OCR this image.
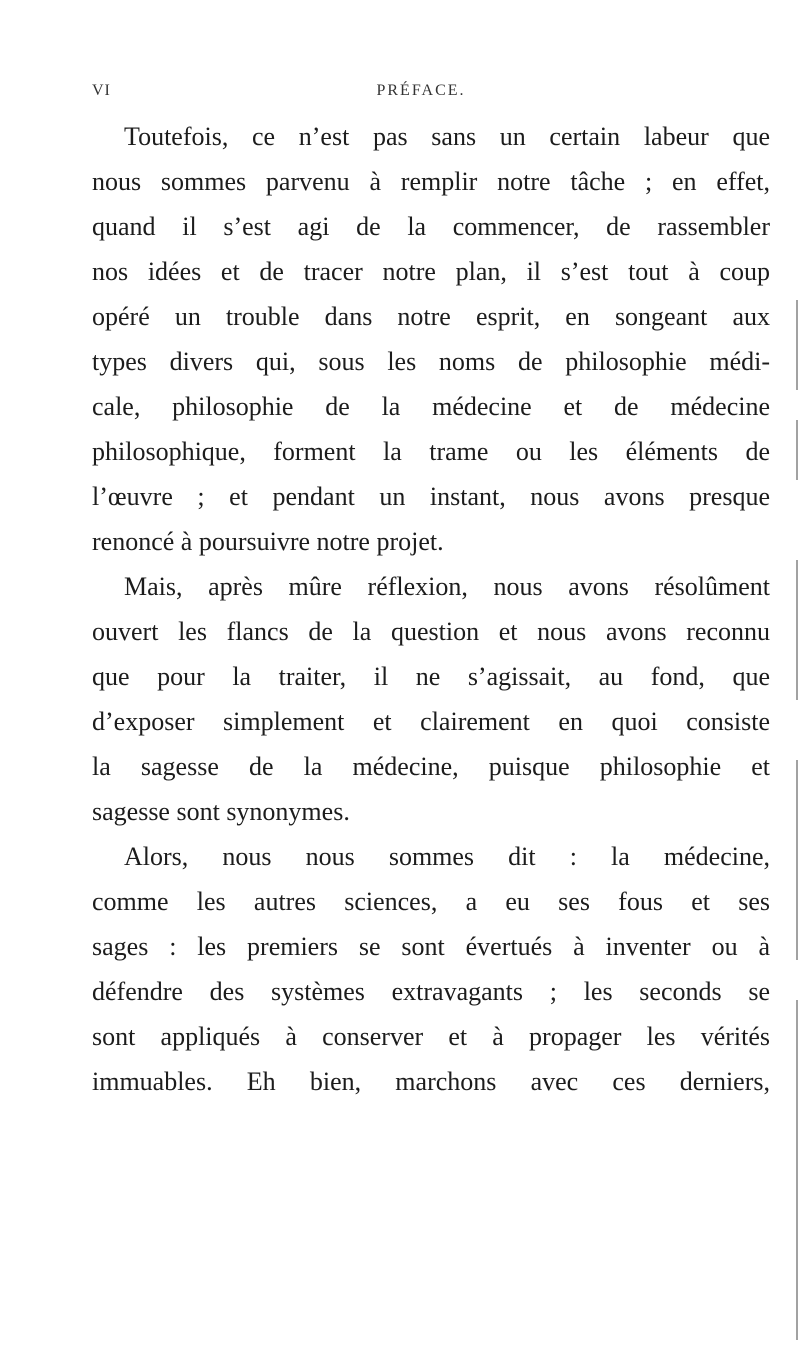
VI	PRÉFACE.
Toutefois, ce n’est pas sans un certain labeur que
nous sommes parvenu à remplir notre tâche ; en effet,
quand il s’est agi de la commencer, de rassembler
nos idées et de tracer notre plan, il s’est tout à coup
opéré un trouble dans notre esprit, en songeant aux
types divers qui, sous les noms de philosophie médi-
cale, philosophie de la médecine et de médecine
philosophique, forment la trame ou les éléments de
l’œuvre ; et pendant un instant, nous avons presque
renoncé à poursuivre notre projet.
Mais, après mûre réflexion, nous avons résolûment
ouvert les flancs de la question et nous avons reconnu
que pour la traiter, il ne s’agissait, au fond, que
d’exposer simplement et clairement en quoi consiste
la sagesse de la médecine, puisque philosophie et
sagesse sont synonymes.
Alors, nous nous sommes dit : la médecine,
comme les autres sciences, a eu ses fous et ses
sages : les premiers se sont évertués à inventer ou à
défendre des systèmes extravagants ; les seconds se
sont appliqués à conserver et à propager les vérités
immuables. Eh bien, marchons avec ces derniers,
